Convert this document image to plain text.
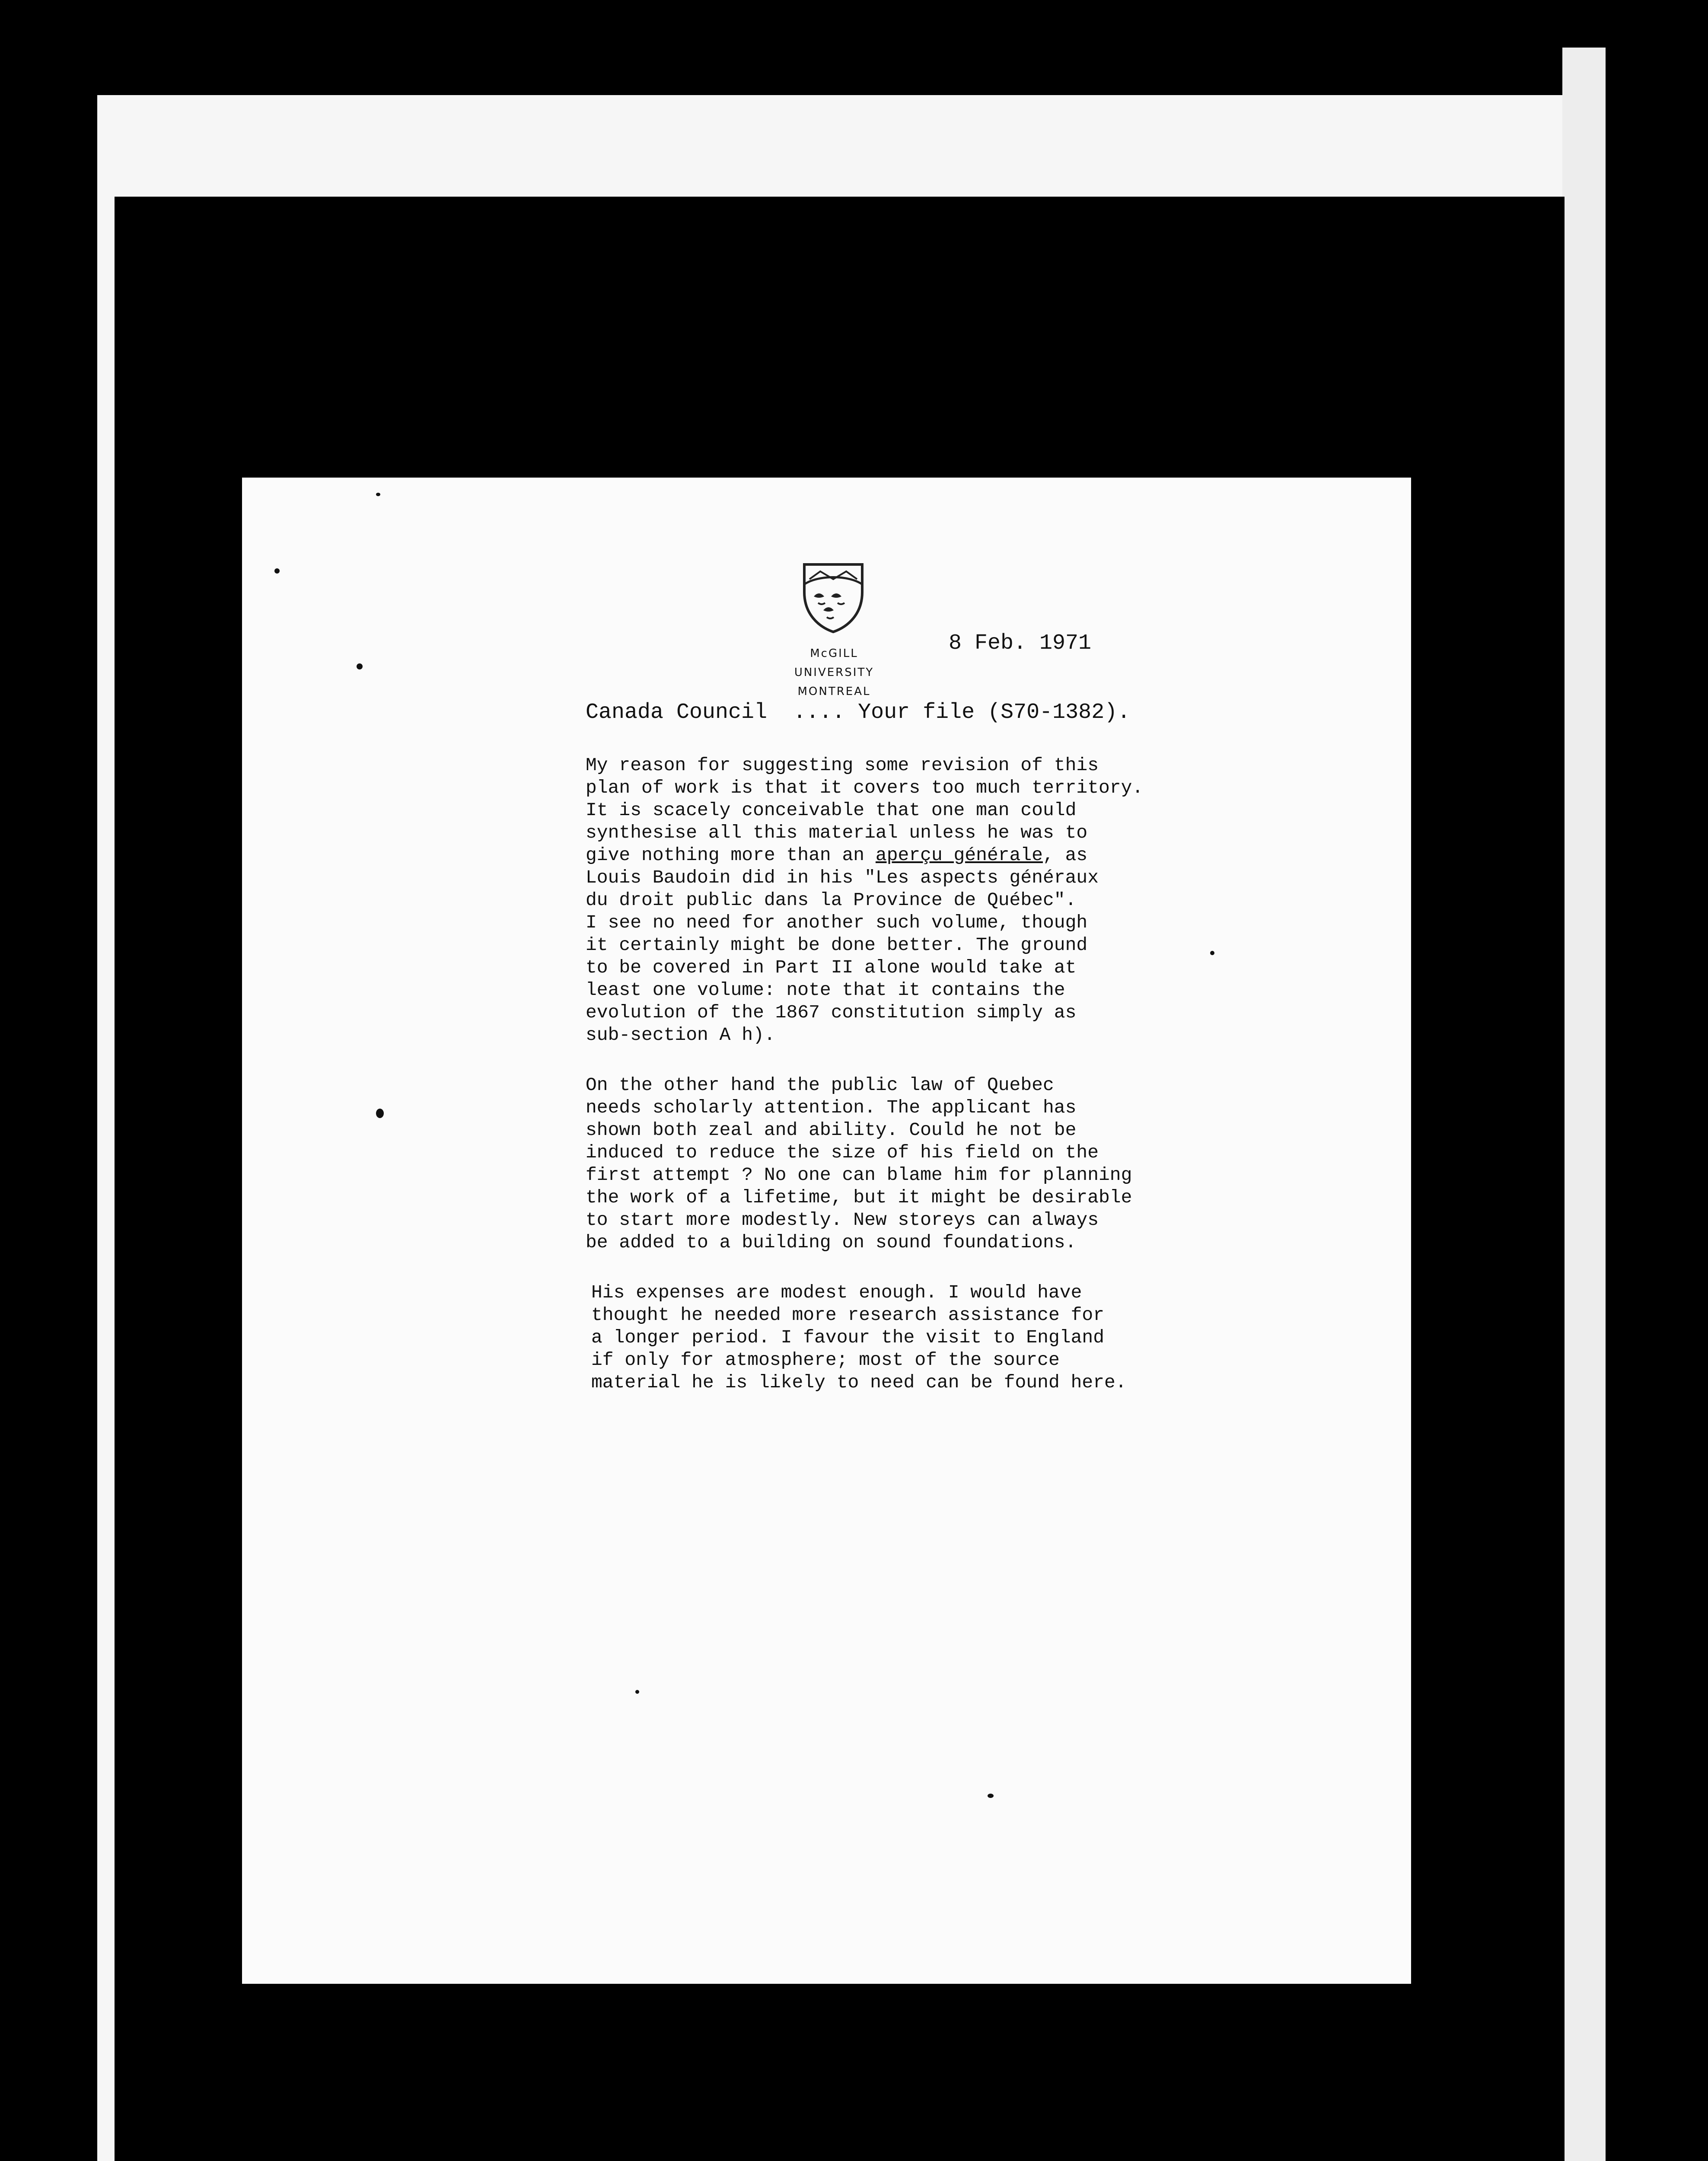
McGILL UNIVERSITY
MONTREAL
8 Feb. 1971
Canada Council  .... Your file (S70-1382).
My reason for suggesting some revision of this
plan of work is that it covers too much territory.
It is scacely conceivable that one man could
synthesise all this material unless he was to
give nothing more than an aperçu générale, as
Louis Baudoin did in his "Les aspects généraux
du droit public dans la Province de Québec".
I see no need for another such volume, though
it certainly might be done better. The ground
to be covered in Part II alone would take at
least one volume: note that it contains the
evolution of the 1867 constitution simply as
sub-section A h).
On the other hand the public law of Quebec
needs scholarly attention. The applicant has
shown both zeal and ability. Could he not be
induced to reduce the size of his field on the
first attempt ? No one can blame him for planning
the work of a lifetime, but it might be desirable
to start more modestly. New storeys can always
be added to a building on sound foundations.
His expenses are modest enough. I would have
thought he needed more research assistance for
a longer period. I favour the visit to England
if only for atmosphere; most of the source
material he is likely to need can be found here.
